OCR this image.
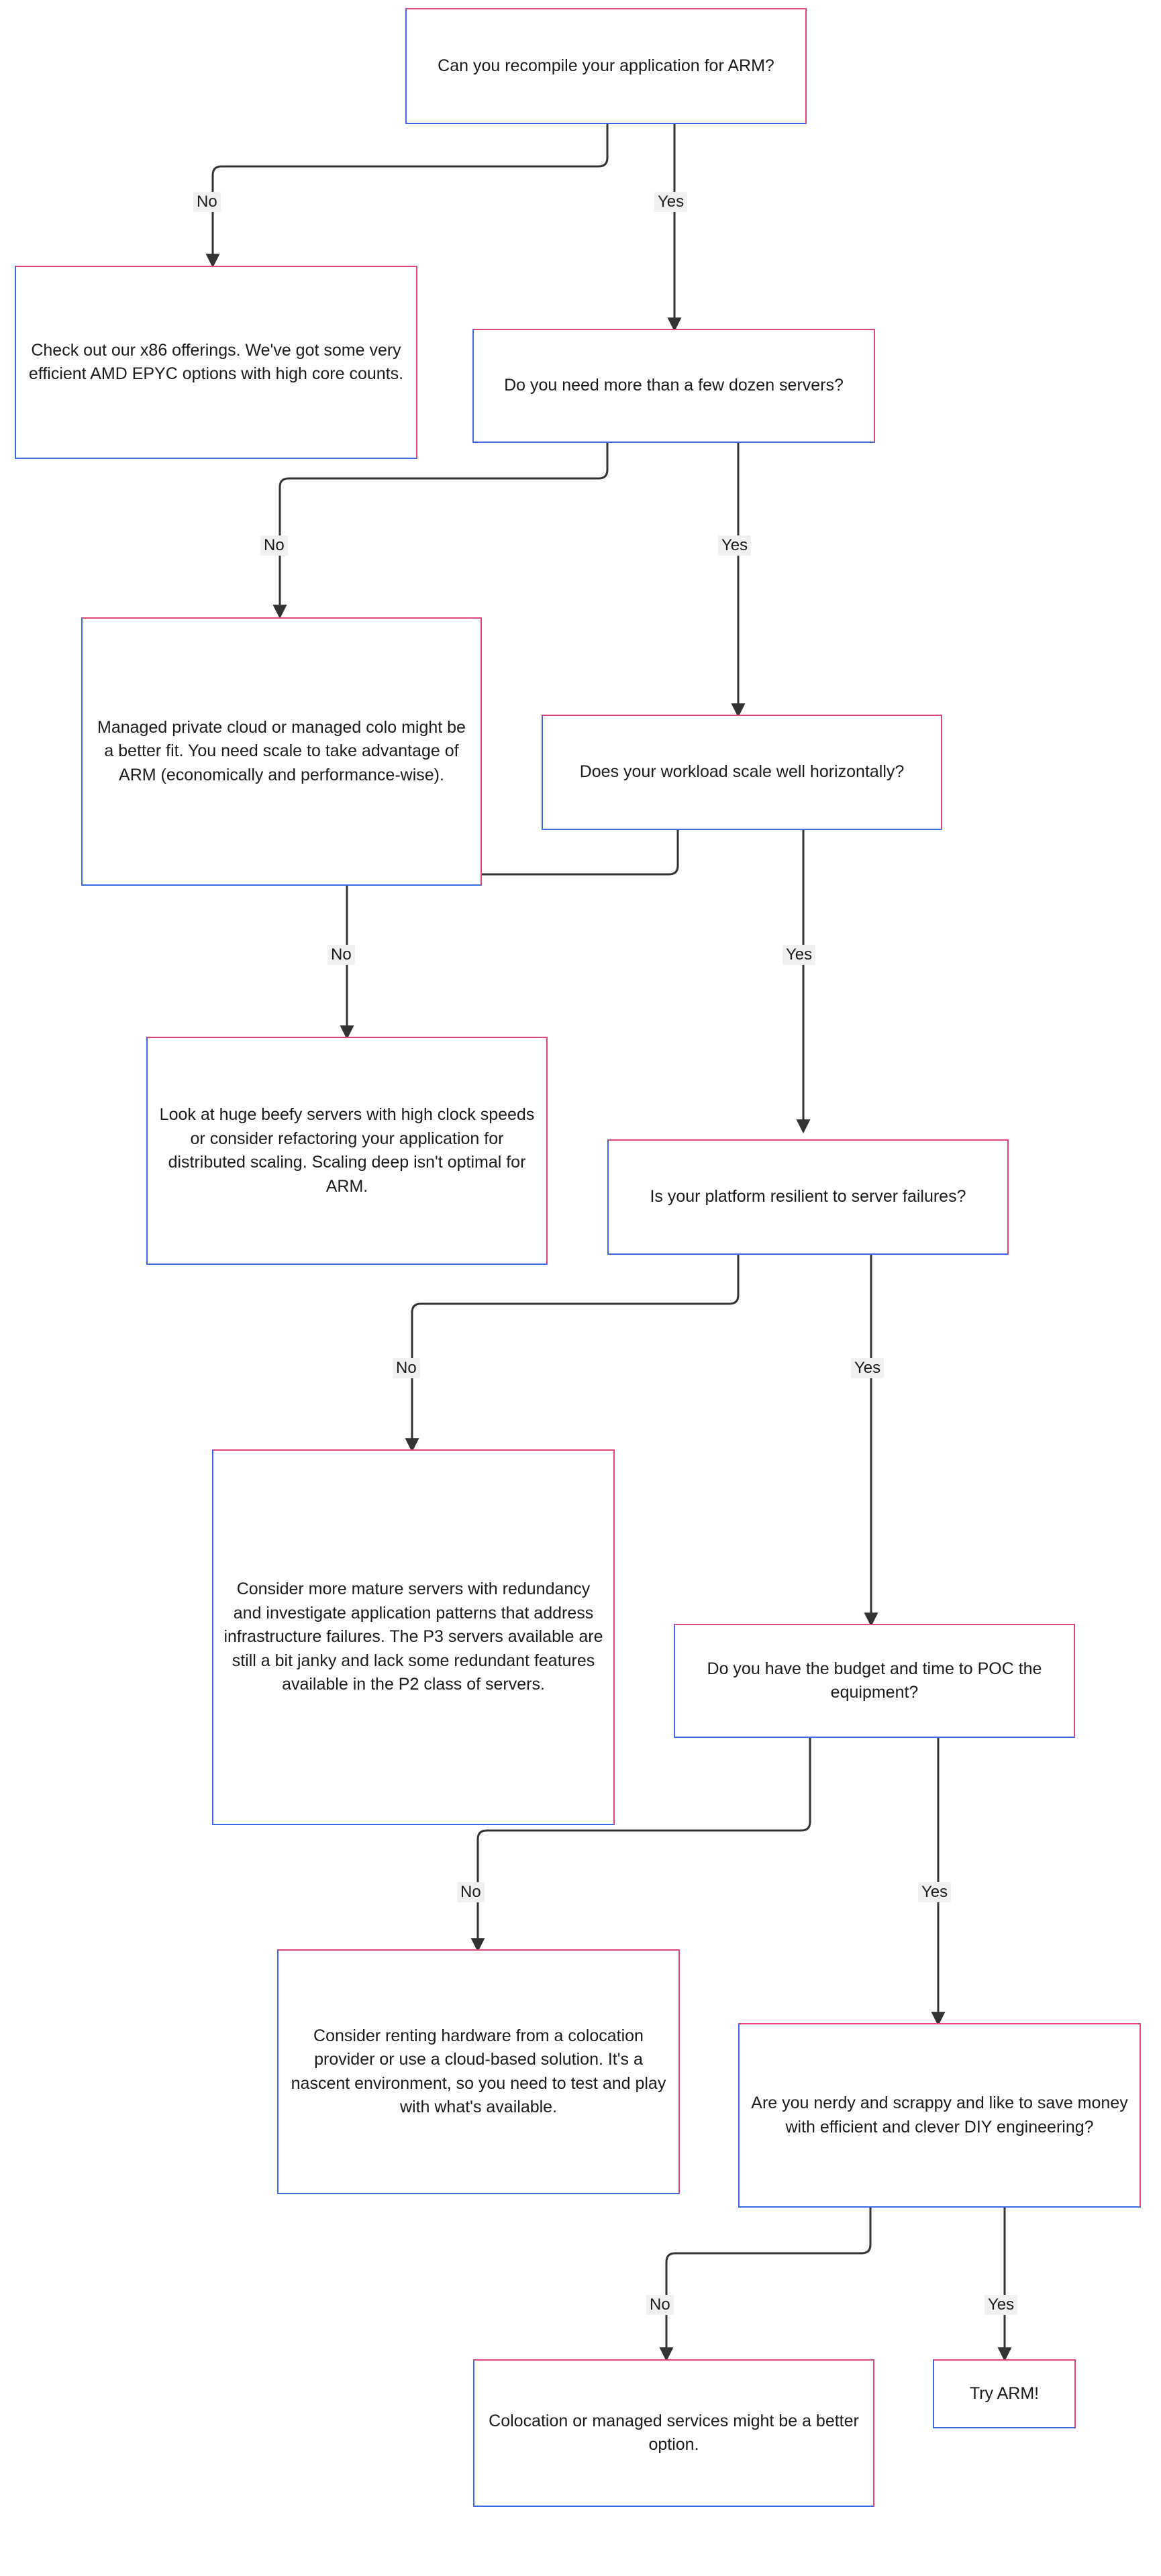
Can you recompile your application for ARM?
Check out our x86 offerings. We've got some very efficient AMD EPYC options with high core counts.
Do you need more than a few dozen servers?
Managed private cloud or managed colo might be a better fit. You need scale to take advantage of ARM (economically and performance-wise).	Does your workload scale well horizontally?
Look at huge beefy servers with high clock speeds or consider refactoring your application for distributed scaling. Scaling deep isn't optimal for ARM.
Is your platform resilient to server failures?
Consider more mature servers with redundancy and investigate application patterns that address infrastructure failures. The P3 servers available are still a bit janky and lack some redundant features available in the P2 class of servers.
Do you have the budget and time to POC the equipment?
Consider renting hardware from a colocation provider or use a cloud-based solution. It's a nascent environment, so you need to test and play with what's available.	Are you nerdy and scrappy and like to save money with efficient and clever DIY engineering?
Colocation or managed services might be a better option.
Try ARM!
No	Yes
No	Yes
No	Yes
No	Yes
No	Yes
No	Yes
